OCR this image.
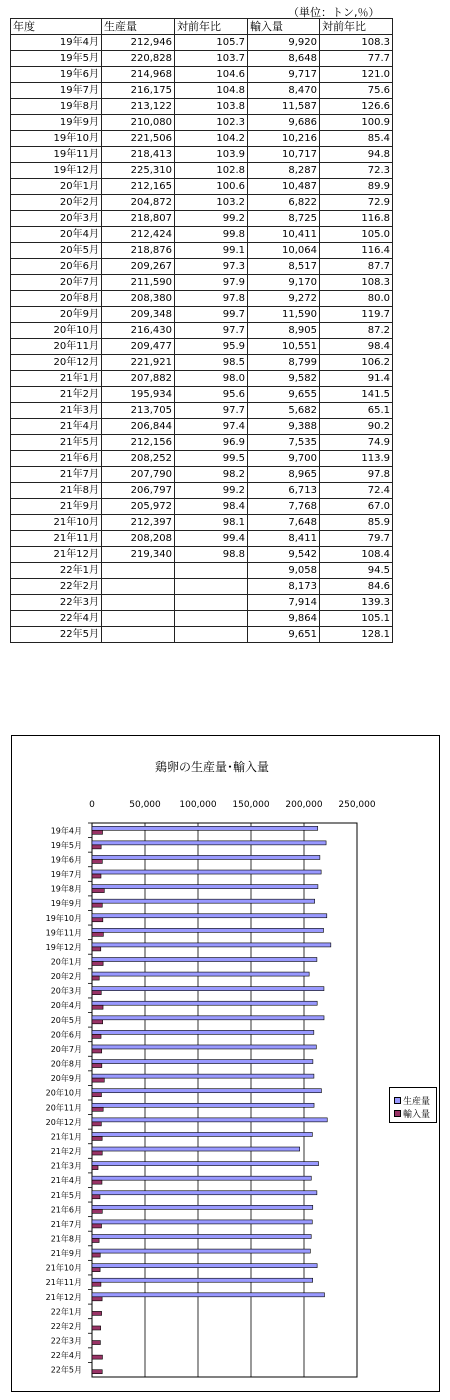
（単位：トン,％）
年度	生産量	対前年比	輸入量	対前年比
19年4月	212,946	105.7	9,920	108.3
19年5月	220,828	103.7	8,648	77.7
19年6月	214,968	104.6	9,717	121.0
19年7月	216,175	104.8	8,470	75.6
19年8月	213,122	103.8	11,587	126.6
19年9月	210,080	102.3	9,686	100.9
19年10月	221,506	104.2	10,216	85.4
19年11月	218,413	103.9	10,717	94.8
19年12月	225,310	102.8	8,287	72.3
20年1月	212,165	100.6	10,487	89.9
20年2月	204,872	103.2	6,822	72.9
20年3月	218,807	99.2	8,725	116.8
20年4月	212,424	99.8	10,411	105.0
20年5月	218,876	99.1	10,064	116.4
20年6月	209,267	97.3	8,517	87.7
20年7月	211,590	97.9	9,170	108.3
20年8月	208,380	97.8	9,272	80.0
20年9月	209,348	99.7	11,590	119.7
20年10月	216,430	97.7	8,905	87.2
20年11月	209,477	95.9	10,551	98.4
20年12月	221,921	98.5	8,799	106.2
21年1月	207,882	98.0	9,582	91.4
21年2月	195,934	95.6	9,655	141.5
21年3月	213,705	97.7	5,682	65.1
21年4月	206,844	97.4	9,388	90.2
21年5月	212,156	96.9	7,535	74.9
21年6月	208,252	99.5	9,700	113.9
21年7月	207,790	98.2	8,965	97.8
21年8月	206,797	99.2	6,713	72.4
21年9月	205,972	98.4	7,768	67.0
21年10月	212,397	98.1	7,648	85.9
21年11月	208,208	99.4	8,411	79.7
21年12月	219,340	98.8	9,542	108.4
22年1月			9,058	94.5
22年2月			8,173	84.6
22年3月			7,914	139.3
22年4月			9,864	105.1
22年5月			9,651	128.1
鶏卵の生産量･輸入量
0	50,000 100,000 150,000 200,000 250,000
19年4月
19年5月
19年6月
19年7月
19年8月
19年9月
19年10月
19年11月
19年12月
20年1月
20年2月
20年3月
20年4月
20年5月
20年6月
20年7月
20年8月
20年9月
20年10月
20年11月
20年12月
21年1月
21年2月
21年3月
21年4月
21年5月
21年6月
21年7月
21年8月
21年9月
21年10月
21年11月
21年12月
22年1月
22年2月
22年3月
22年4月
22年5月
生産量
輸入量
